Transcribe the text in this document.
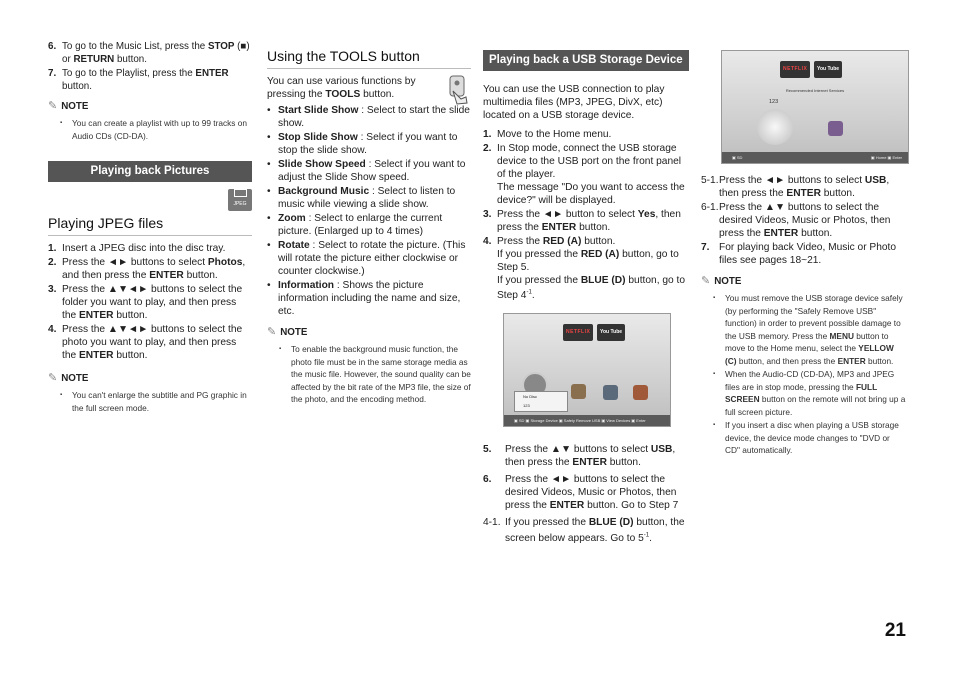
6. To go to the Music List, press the STOP (■) or RETURN button.
7. To go to the Playlist, press the ENTER button.
✎ NOTE
▪ You can create a playlist with up to 99 tracks on Audio CDs (CD-DA).
Playing back Pictures
JPEG
Playing JPEG files
1. Insert a JPEG disc into the disc tray.
2. Press the ◄► buttons to select Photos, and then press the ENTER button.
3. Press the ▲▼◄► buttons to select the folder you want to play, and then press the ENTER button.
4. Press the ▲▼◄► buttons to select the photo you want to play, and then press the ENTER button.
✎ NOTE
▪ You can't enlarge the subtitle and PG graphic in the full screen mode.
Using the TOOLS button
You can use various functions by pressing the TOOLS button.
• Start Slide Show : Select to start the slide show.
• Stop Slide Show : Select if you want to stop the slide show.
• Slide Show Speed : Select if you want to adjust the Slide Show speed.
• Background Music : Select to listen to music while viewing a slide show.
• Zoom : Select to enlarge the current picture. (Enlarged up to 4 times)
• Rotate : Select to rotate the picture. (This will rotate the picture either clockwise or counter clockwise.)
• Information : Shows the picture information including the name and size, etc.
✎ NOTE
▪ To enable the background music function, the photo file must be in the same storage media as the music file. However, the sound quality can be affected by the bit rate of the MP3 file, the size of the photo, and the encoding method.
Playing back a USB Storage Device
You can use the USB connection to play multimedia files (MP3, JPEG, DivX, etc) located on a USB storage device.
1. Move to the Home menu.
2. In Stop mode, connect the USB storage device to the USB port on the front panel of the player.
The message "Do you want to access the device?" will be displayed.
3. Press the ◄► button to select Yes, then press the ENTER button.
4. Press the RED (A) button.
If you pressed the RED (A) button, go to Step 5.
If you pressed the BLUE (D) button, go to Step $4^{-1}$.
NETFLIX	You Tube
No Disc
123
▣ SD ▣ Storage Device ▣ Safely Remove USB ▣ View Devices ▣ Enter
5. Press the ▲▼ buttons to select USB, then press the ENTER button.
6. Press the ◄► buttons to select the desired Videos, Music or Photos, then press the ENTER button. Go to Step 7
4-1. If you pressed the BLUE (D) button, the screen below appears. Go to $5^{-1}$.
NETFLIX	You Tube
Recommended Internet Services
123
▣ SD	▣ Home ▣ Enter
5-1. Press the ◄► buttons to select USB, then press the ENTER button.
6-1. Press the ▲▼ buttons to select the desired Videos, Music or Photos, then press the ENTER button.
7. For playing back Video, Music or Photo files see pages 18~21.
✎ NOTE
▪ You must remove the USB storage device safely (by performing the "Safely Remove USB" function) in order to prevent possible damage to the USB memory. Press the MENU button to move to the Home menu, select the YELLOW (C) button, and then press the ENTER button.
▪ When the Audio-CD (CD-DA), MP3 and JPEG files are in stop mode, pressing the FULL SCREEN button on the remote will not bring up a full screen picture.
▪ If you insert a disc when playing a USB storage device, the device mode changes to "DVD or CD" automatically.
21
